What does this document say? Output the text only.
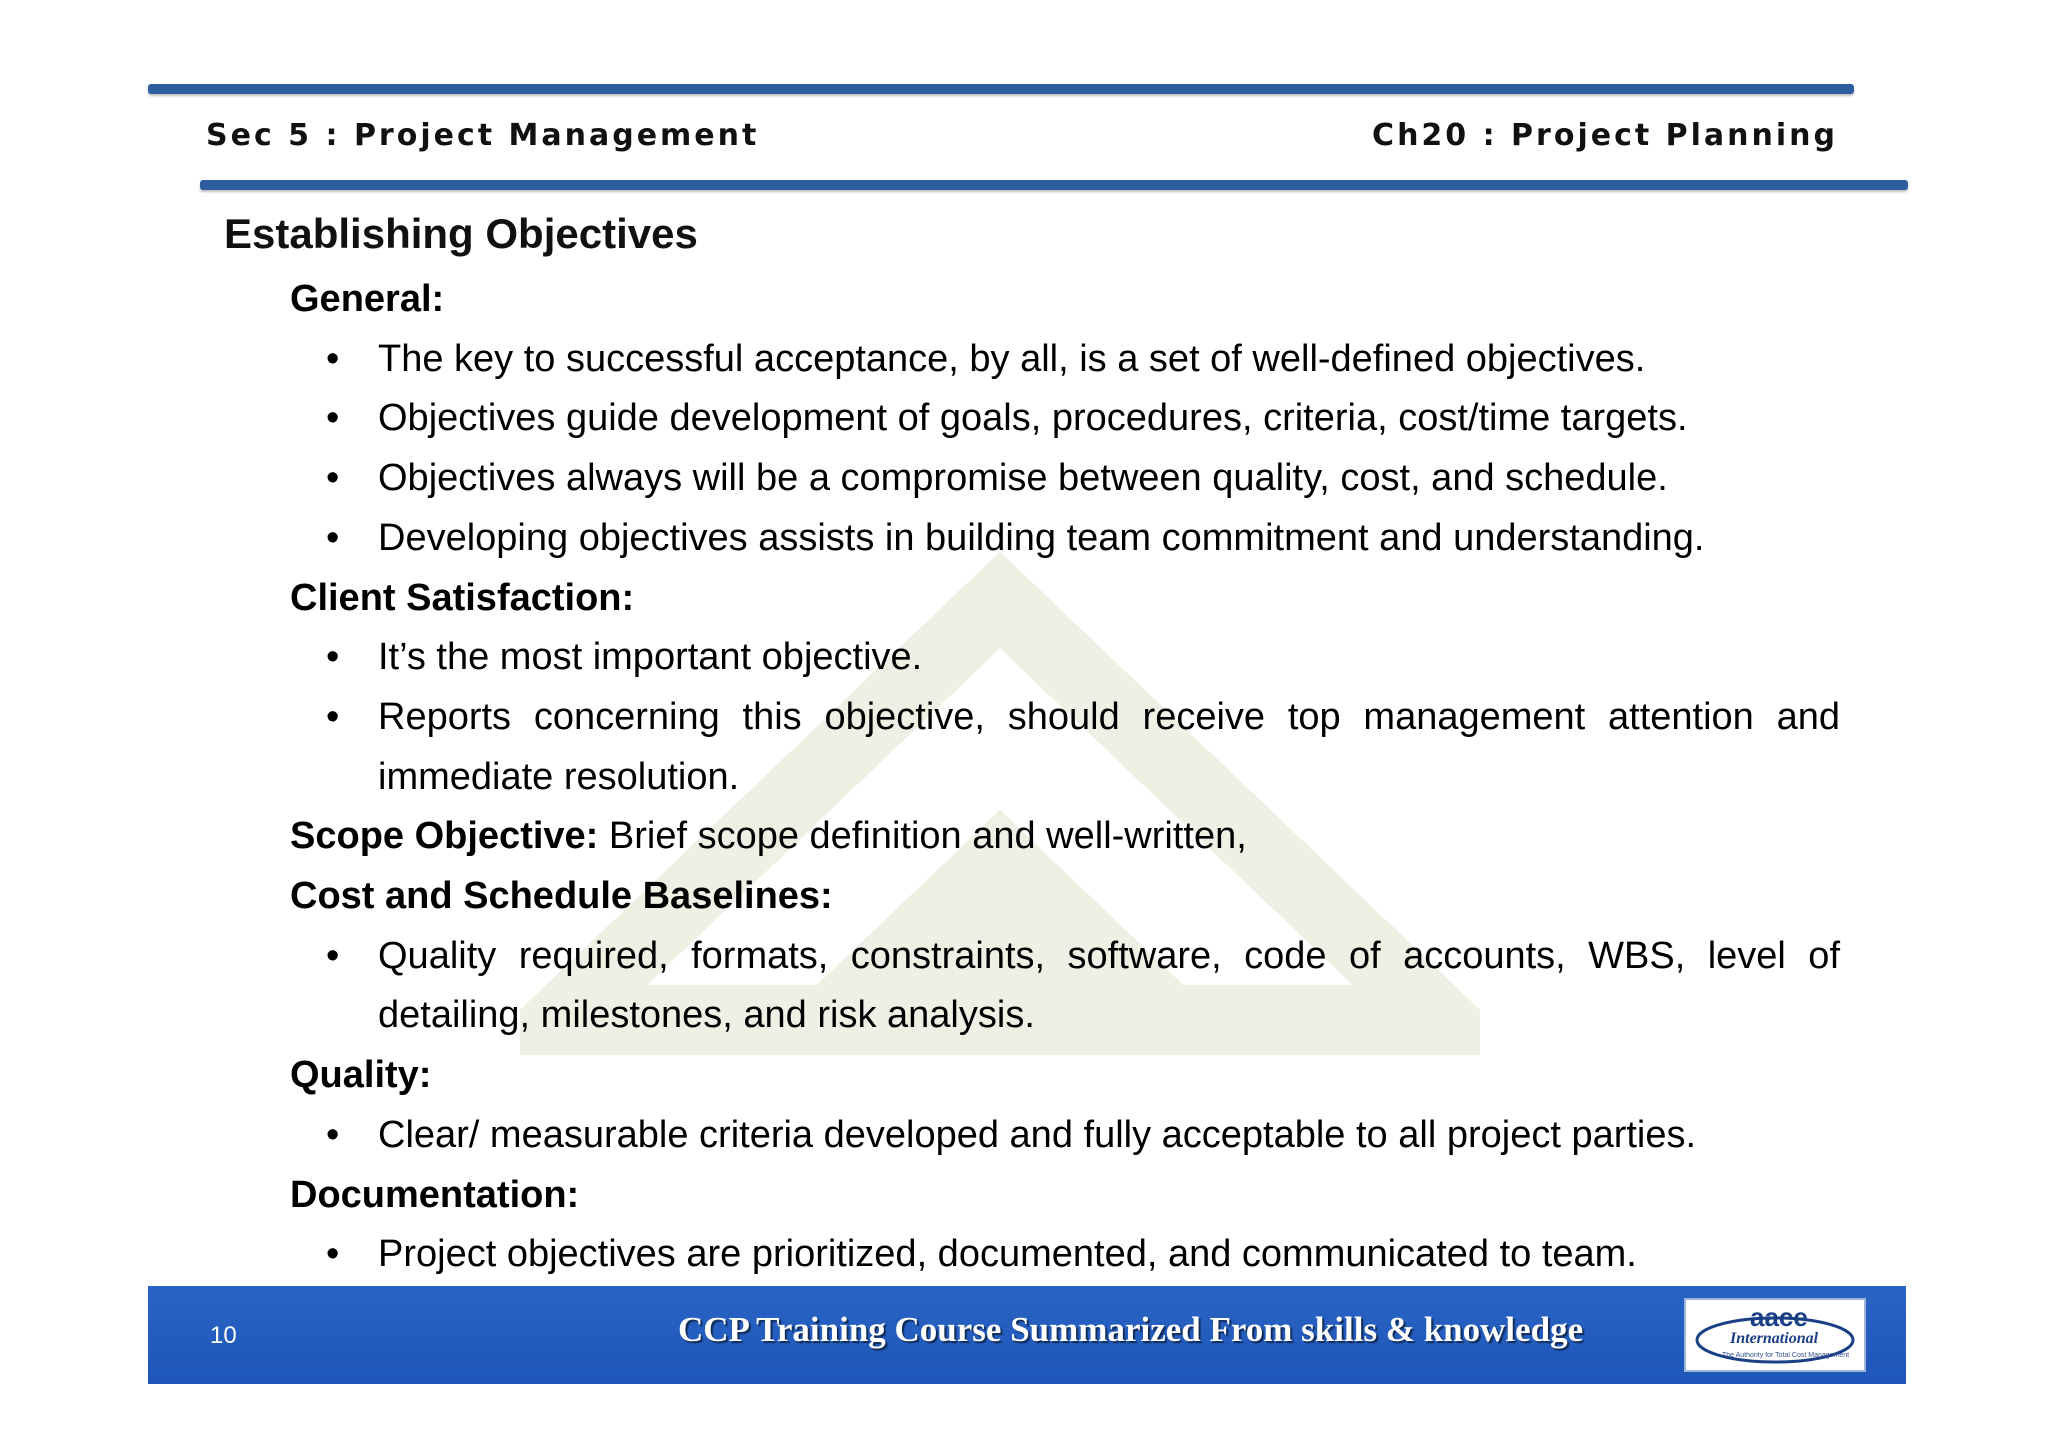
Sec 5 : Project Management	Ch20 : Project Planning
Establishing Objectives
General:
• The key to successful acceptance, by all, is a set of well-defined objectives.
• Objectives guide development of goals, procedures, criteria, cost/time targets.
• Objectives always will be a compromise between quality, cost, and schedule.
• Developing objectives assists in building team commitment and understanding.
Client Satisfaction:
• It’s the most important objective.
• Reports concerning this objective, should receive top management attention and immediate resolution.
Scope Objective: Brief scope definition and well-written,
Cost and Schedule Baselines:
• Quality required, formats, constraints, software, code of accounts, WBS, level of detailing, milestones, and risk analysis.
Quality:
• Clear/ measurable criteria developed and fully acceptable to all project parties.
Documentation:
• Project objectives are prioritized, documented, and communicated to team.
10	CCP Training Course Summarized From skills & knowledge	aace
International
The Authority for Total Cost Management
